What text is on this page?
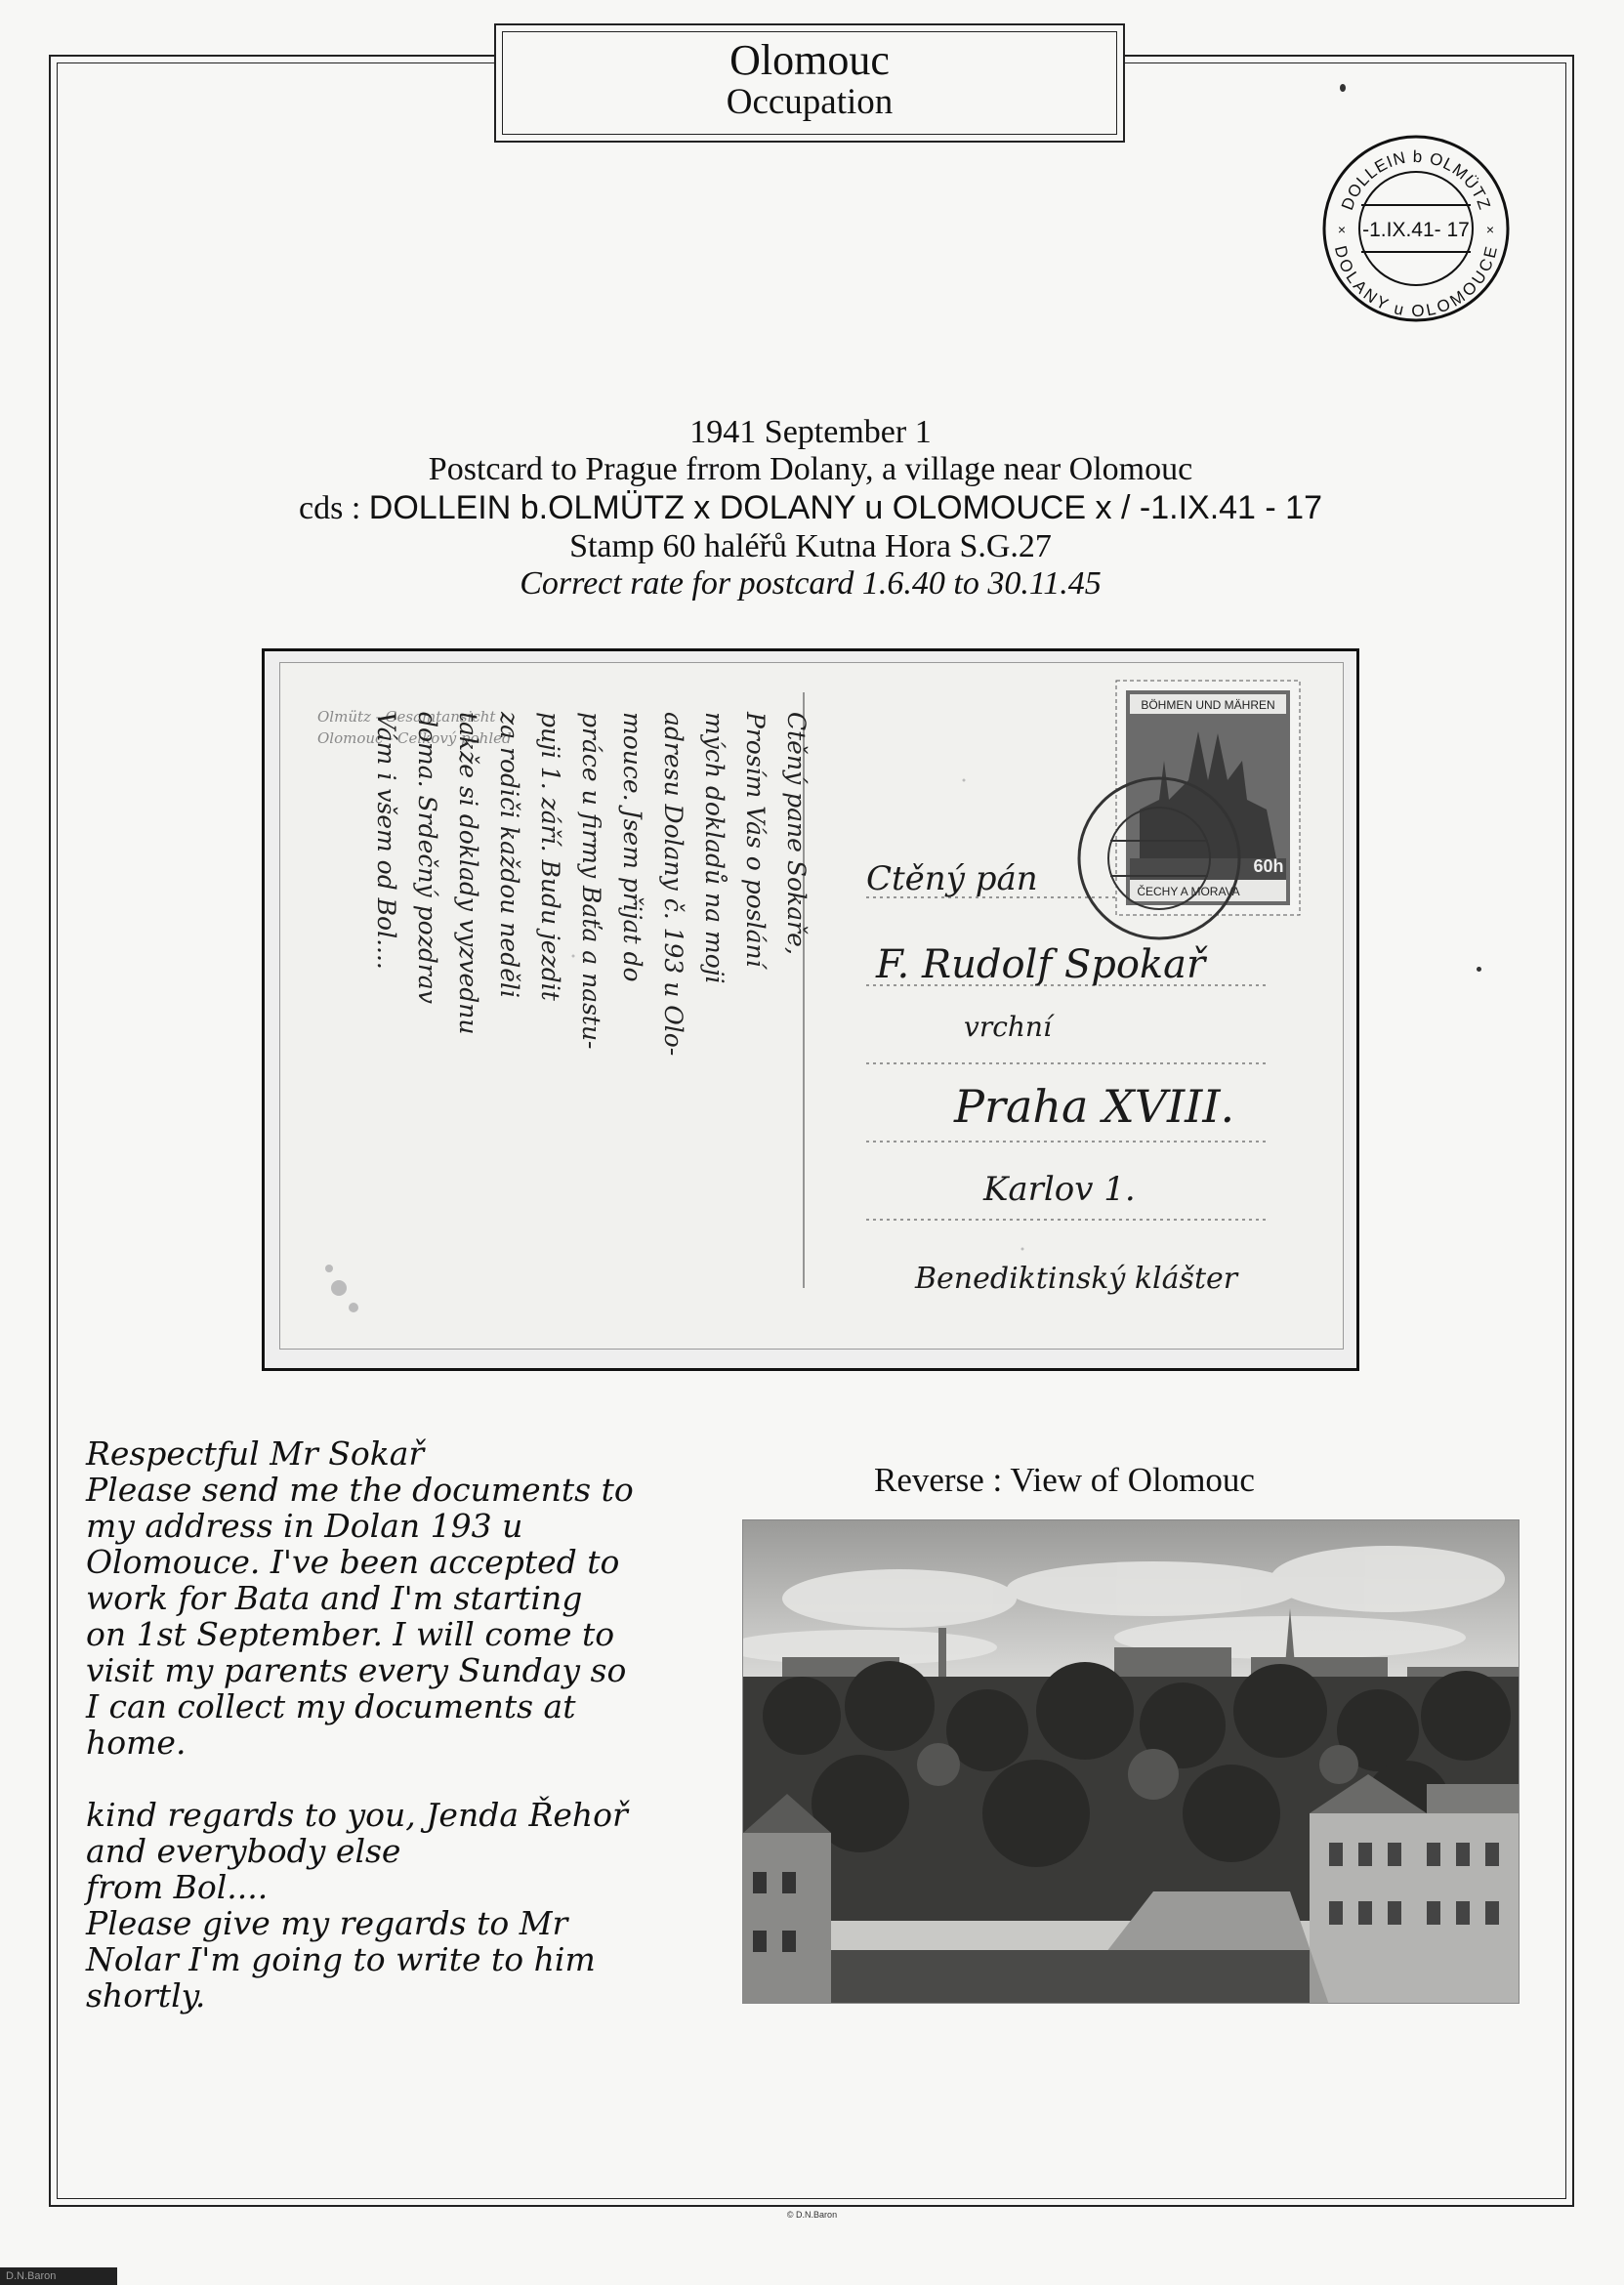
Olomouc
Occupation
DOLLEIN b OLMÜTZ
DOLANY u OLOMOUCE
-1.IX.41- 17
×	×
1941 September 1
Postcard to Prague frrom Dolany, a village near Olomouc
cds : DOLLEIN b.OLMÜTZ x DOLANY u OLOMOUCE x / -1.IX.41 - 17
Stamp 60 haléřů Kutna Hora S.G.27
Correct rate for postcard 1.6.40 to 30.11.45
Olmütz - Gesamtansicht
Olomouc - Celkový pohled	Ctěný pane Sokaře,
Prosím Vás o poslání
mých dokladů na moji
adresu Dolany č. 193 u Olo-
mouce. Jsem přijat do
práce u firmy Baťa a nastu-
puji 1. září. Budu jezdit
za rodiči každou neděli
takže si doklady vyzvednu
doma. Srdečný pozdrav
Vám i všem od Bol....	Ctěný pán
F. Rudolf Spokař
vrchní
Praha XVIII.
Karlov 1.
Benediktinský klášter
BÖHMEN UND MÄHREN
ČECHY A MORAVA
60h
Respectful Mr Sokař
Please send me the documents to
my address in Dolan 193 u
Olomouce. I've been accepted to
work for Bata and I'm starting
on 1st September. I will come to
visit my parents every Sunday so
I can collect my documents at
home.

kind regards to you, Jenda Řehoř
and everybody else
from Bol....
Please give my regards to Mr
Nolar I'm going to write to him
shortly.
Reverse : View of Olomouc
© D.N.Baron
D.N.Baron
